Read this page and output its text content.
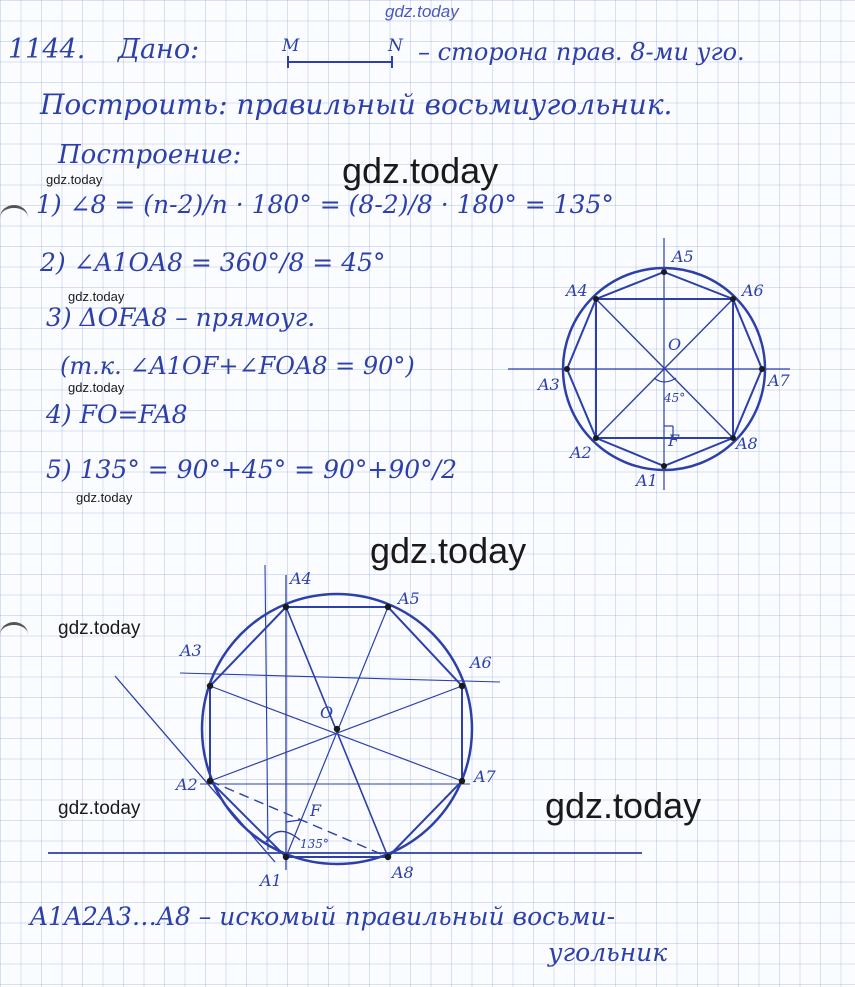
gdz.today
gdz.today
gdz.today
gdz.today
gdz.today
gdz.today
gdz.today
gdz.today
gdz.today
gdz.today
1144. Дано:	M	N – сторона прав. 8-ми уго.
Построить: правильный восьмиугольник.
Построение:
1) ∠8 = (n-2)/n · 180° = (8-2)/8 · 180° = 135°
2) ∠A1OA8 = 360°/8 = 45°
3) ΔOFA8 – прямоуг.
(т.к. ∠A1OF+∠FOA8 = 90°)
4) FO=FA8
5) 135° = 90°+45° = 90°+90°/2
A1A2A3…A8 – искомый правильный восьми-
угольник
A5
A4	A6
O
A3	A7
45°
F
A2	A8
A1
A4
A5
A3
A6
O
A2	A7
F
135°
A1	A8
